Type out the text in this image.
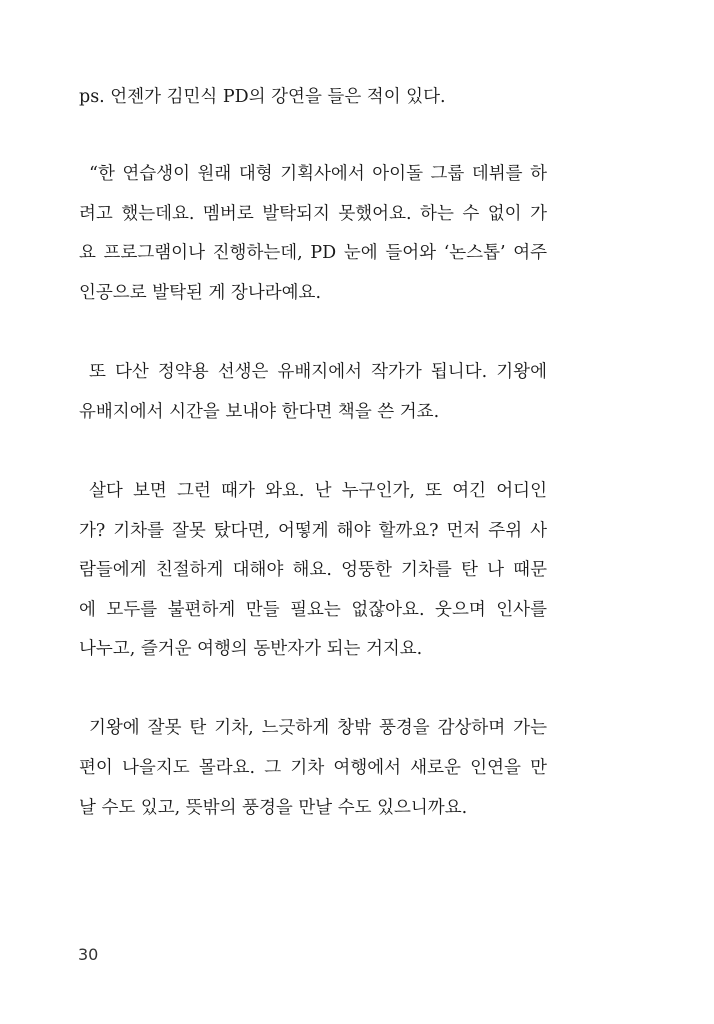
ps. 언젠가 김민식 PD의 강연을 들은 적이 있다.
“한 연습생이 원래 대형 기획사에서 아이돌 그룹 데뷔를 하
려고 했는데요. 멤버로 발탁되지 못했어요. 하는 수 없이 가
요 프로그램이나 진행하는데, PD 눈에 들어와 ‘논스톱’ 여주
인공으로 발탁된 게 장나라예요.
또 다산 정약용 선생은 유배지에서 작가가 됩니다. 기왕에
유배지에서 시간을 보내야 한다면 책을 쓴 거죠.
살다 보면 그런 때가 와요. 난 누구인가, 또 여긴 어디인
가? 기차를 잘못 탔다면, 어떻게 해야 할까요? 먼저 주위 사
람들에게 친절하게 대해야 해요. 엉뚱한 기차를 탄 나 때문
에 모두를 불편하게 만들 필요는 없잖아요. 웃으며 인사를
나누고, 즐거운 여행의 동반자가 되는 거지요.
기왕에 잘못 탄 기차, 느긋하게 창밖 풍경을 감상하며 가는
편이 나을지도 몰라요. 그 기차 여행에서 새로운 인연을 만
날 수도 있고, 뜻밖의 풍경을 만날 수도 있으니까요.
30
